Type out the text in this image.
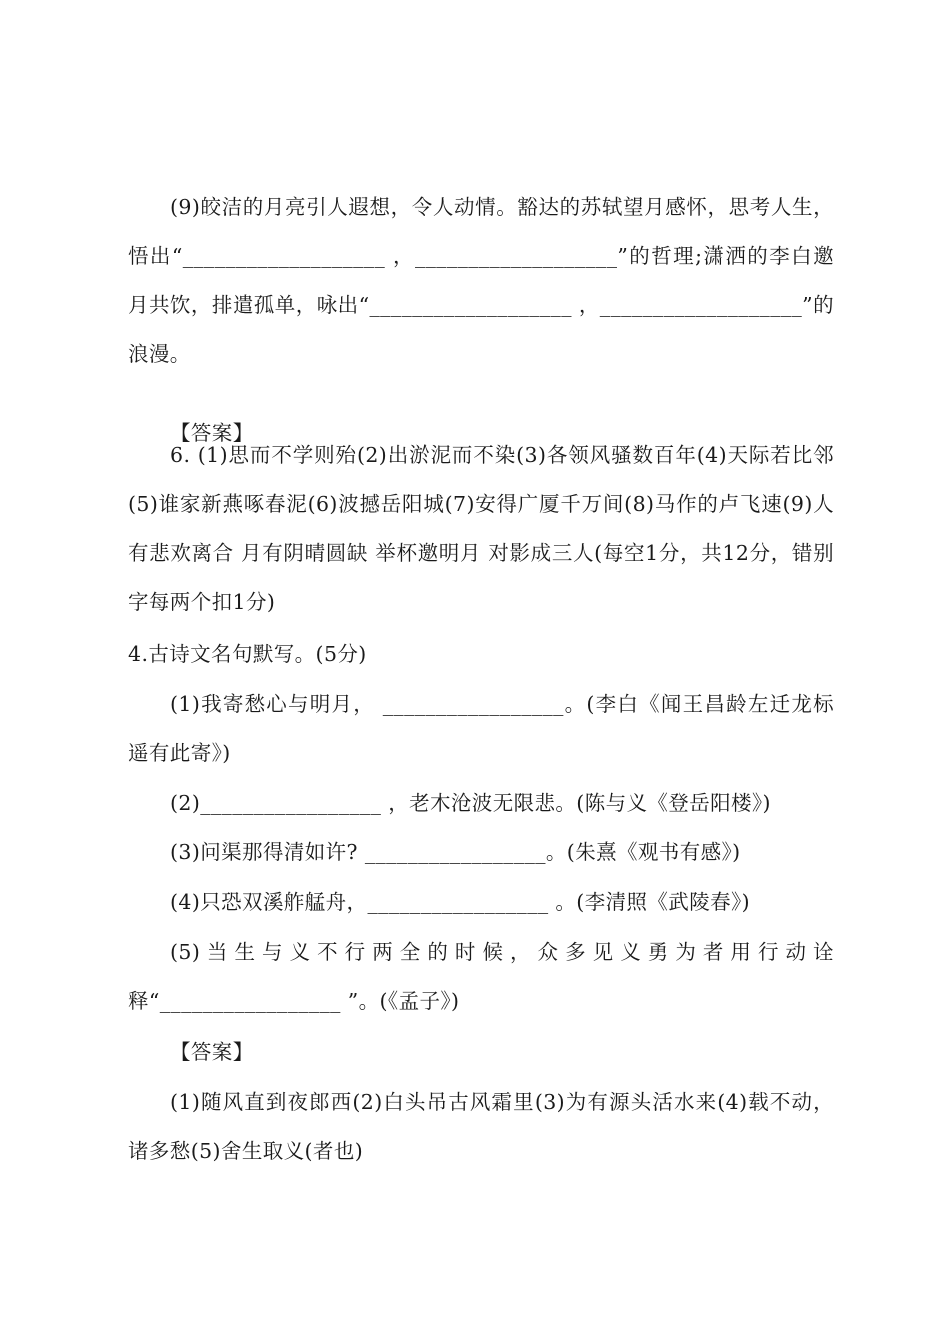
(9)皎洁的月亮引人遐想，令人动情。豁达的苏轼望月感怀，思考人生，悟出“___________________ ，___________________”的哲理;潇洒的李白邀月共饮，排遣孤单，咏出“___________________ ，___________________”的浪漫。

【答案】

6. (1)思而不学则殆(2)出淤泥而不染(3)各领风骚数百年(4)天际若比邻(5)谁家新燕啄春泥(6)波撼岳阳城(7)安得广厦千万间(8)马作的卢飞速(9)人有悲欢离合 月有阴晴圆缺 举杯邀明月 对影成三人(每空1分，共12分，错别字每两个扣1分)

4.古诗文名句默写。(5分)

(1)我寄愁心与明月， _________________。(李白《闻王昌龄左迁龙标遥有此寄》)

(2)_________________ ，老木沧波无限悲。(陈与义《登岳阳楼》)

(3)问渠那得清如许? _________________。(朱熹《观书有感》)

(4)只恐双溪舴艋舟，_________________ 。(李清照《武陵春》)

(5)当生与义不行两全的时候，众多见义勇为者用行动诠释“_________________ ”。(《孟子》)

【答案】

(1)随风直到夜郎西(2)白头吊古风霜里(3)为有源头活水来(4)载不动，诸多愁(5)舍生取义(者也)
